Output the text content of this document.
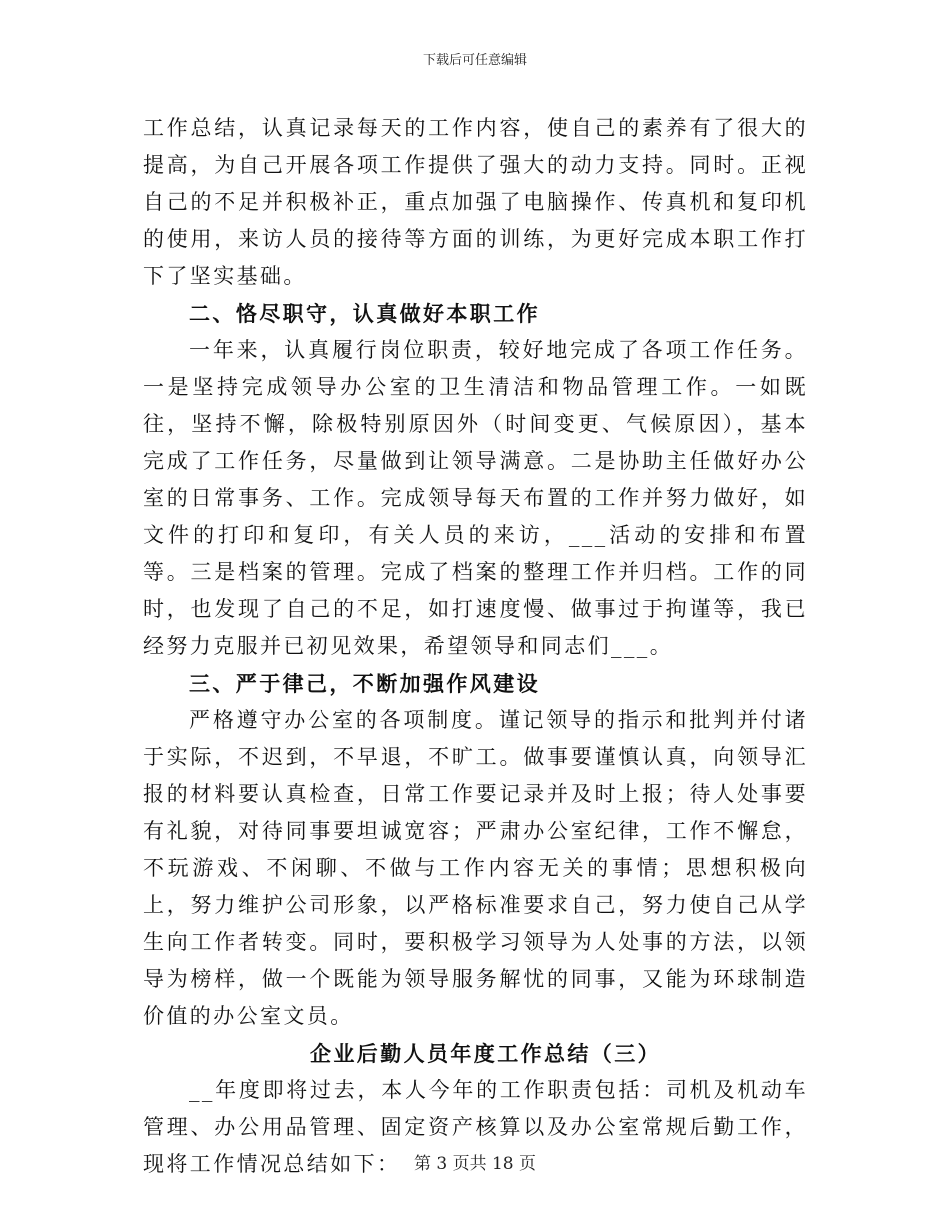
下载后可任意编辑

工作总结，认真记录每天的工作内容，使自己的素养有了很大的提高，为自己开展各项工作提供了强大的动力支持。同时。正视自己的不足并积极补正，重点加强了电脑操作、传真机和复印机的使用，来访人员的接待等方面的训练，为更好完成本职工作打下了坚实基础。

二、恪尽职守，认真做好本职工作

一年来，认真履行岗位职责，较好地完成了各项工作任务。一是坚持完成领导办公室的卫生清洁和物品管理工作。一如既往，坚持不懈，除极特别原因外（时间变更、气候原因），基本完成了工作任务，尽量做到让领导满意。二是协助主任做好办公室的日常事务、工作。完成领导每天布置的工作并努力做好，如文件的打印和复印，有关人员的来访，___活动的安排和布置等。三是档案的管理。完成了档案的整理工作并归档。工作的同时，也发现了自己的不足，如打速度慢、做事过于拘谨等，我已经努力克服并已初见效果，希望领导和同志们___。

三、严于律己，不断加强作风建设

严格遵守办公室的各项制度。谨记领导的指示和批判并付诸于实际，不迟到，不早退，不旷工。做事要谨慎认真，向领导汇报的材料要认真检查，日常工作要记录并及时上报；待人处事要有礼貌，对待同事要坦诚宽容；严肃办公室纪律，工作不懈怠，不玩游戏、不闲聊、不做与工作内容无关的事情；思想积极向上，努力维护公司形象，以严格标准要求自己，努力使自己从学生向工作者转变。同时，要积极学习领导为人处事的方法，以领导为榜样，做一个既能为领导服务解忧的同事，又能为环球制造价值的办公室文员。

企业后勤人员年度工作总结（三）

__年度即将过去，本人今年的工作职责包括：司机及机动车管理、办公用品管理、固定资产核算以及办公室常规后勤工作，现将工作情况总结如下： 第 3 页共 18 页
